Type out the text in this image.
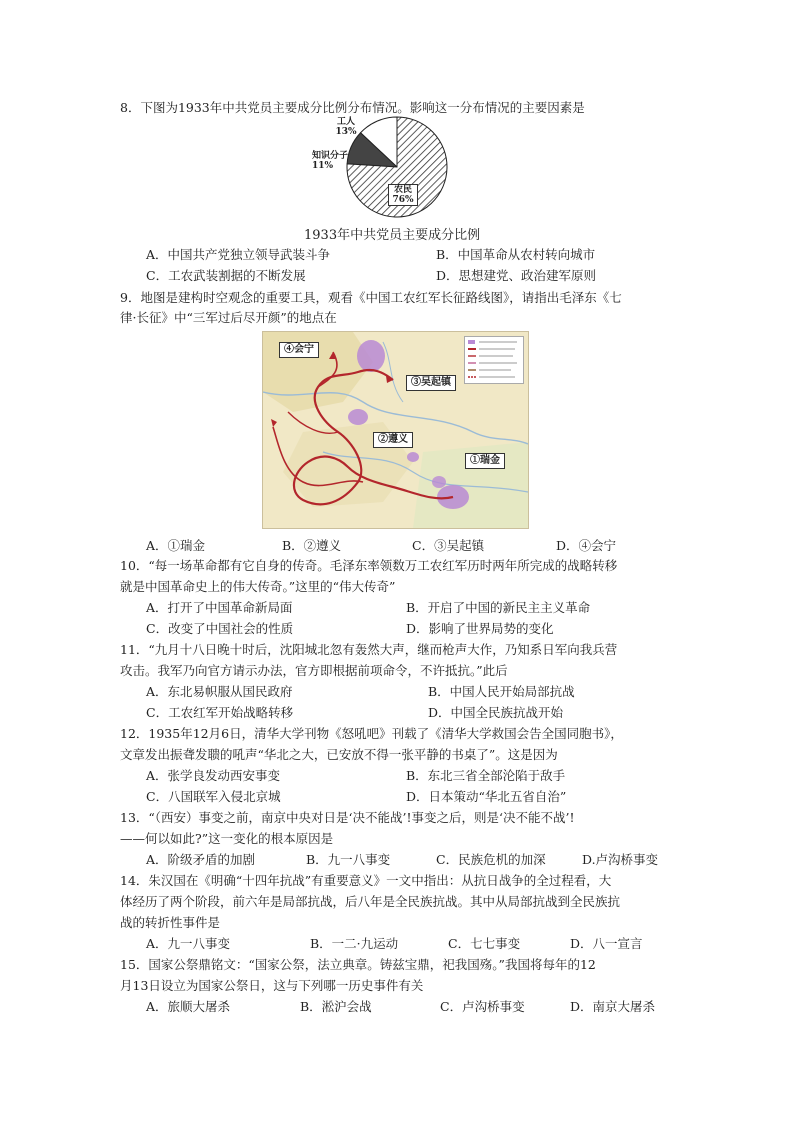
8．下图为1933年中共党员主要成分比例分布情况。影响这一分布情况的主要因素是
工人
13%
知识分子
11%
农民
76%
1933年中共党员主要成分比例
A．中国共产党独立领导武装斗争	B．中国革命从农村转向城市
C．工农武装割据的不断发展	D．思想建党、政治建军原则
9．地图是建构时空观念的重要工具，观看《中国工农红军长征路线图》，请指出毛泽东《七
律·长征》中“三军过后尽开颜”的地点在
④会宁
③吴起镇
②遵义
①瑞金
A．①瑞金	B．②遵义	C．③吴起镇	D．④会宁
10．“每一场革命都有它自身的传奇。毛泽东率领数万工农红军历时两年所完成的战略转移
就是中国革命史上的伟大传奇。”这里的“伟大传奇”
A．打开了中国革命新局面	B．开启了中国的新民主主义革命
C．改变了中国社会的性质	D．影响了世界局势的变化
11．“九月十八日晚十时后，沈阳城北忽有轰然大声，继而枪声大作，乃知系日军向我兵营
攻击。我军乃向官方请示办法，官方即根据前项命令，不许抵抗。”此后
A．东北易帜服从国民政府	B．中国人民开始局部抗战
C．工农红军开始战略转移	D．中国全民族抗战开始
12．1935年12月6日，清华大学刊物《怒吼吧》刊载了《清华大学救国会告全国同胞书》，
文章发出振聋发聩的吼声“华北之大，已安放不得一张平静的书桌了”。这是因为
A．张学良发动西安事变	B．东北三省全部沦陷于敌手
C．八国联军入侵北京城	D．日本策动“华北五省自治”
13．“（西安）事变之前，南京中央对日是‘决不能战’!事变之后，则是‘决不能不战’!
——何以如此?”这一变化的根本原因是
A．阶级矛盾的加剧	B．九一八事变	C．民族危机的加深	D.卢沟桥事变
14．朱汉国在《明确“十四年抗战”有重要意义》一文中指出：从抗日战争的全过程看，大
体经历了两个阶段，前六年是局部抗战，后八年是全民族抗战。其中从局部抗战到全民族抗
战的转折性事件是
A．九一八事变	B．一二·九运动	C．七七事变	D．八一宣言
15．国家公祭鼎铭文：“国家公祭，法立典章。铸兹宝鼎，祀我国殇。”我国将每年的12
月13日设立为国家公祭日，这与下列哪一历史事件有关
A．旅顺大屠杀	B．淞沪会战	C．卢沟桥事变	D．南京大屠杀
